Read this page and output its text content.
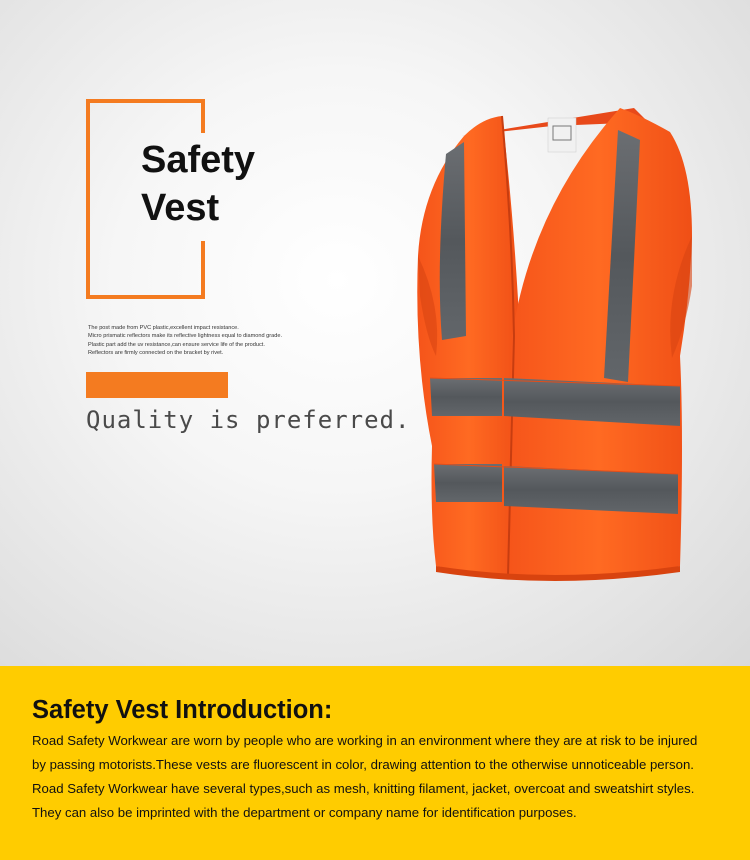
Safety
Vest
The post made from PVC plastic,excellent impact resistance.
Micro prismatic reflectors make its reflective lightness equal to diamond grade.
Plastic part add the uv resistance,can ensure service life of the product.
Reflectors are firmly connected on the bracket by rivet.
Quality is preferred.
Safety Vest Introduction:
Road Safety Workwear are worn by people who are working in an environment where they are at risk to be injured
by passing motorists.These vests are fluorescent in color, drawing attention to the otherwise unnoticeable person.
Road Safety Workwear have several types,such as mesh, knitting filament, jacket, overcoat and sweatshirt styles.
They can also be imprinted with the department or company name for identification purposes.
